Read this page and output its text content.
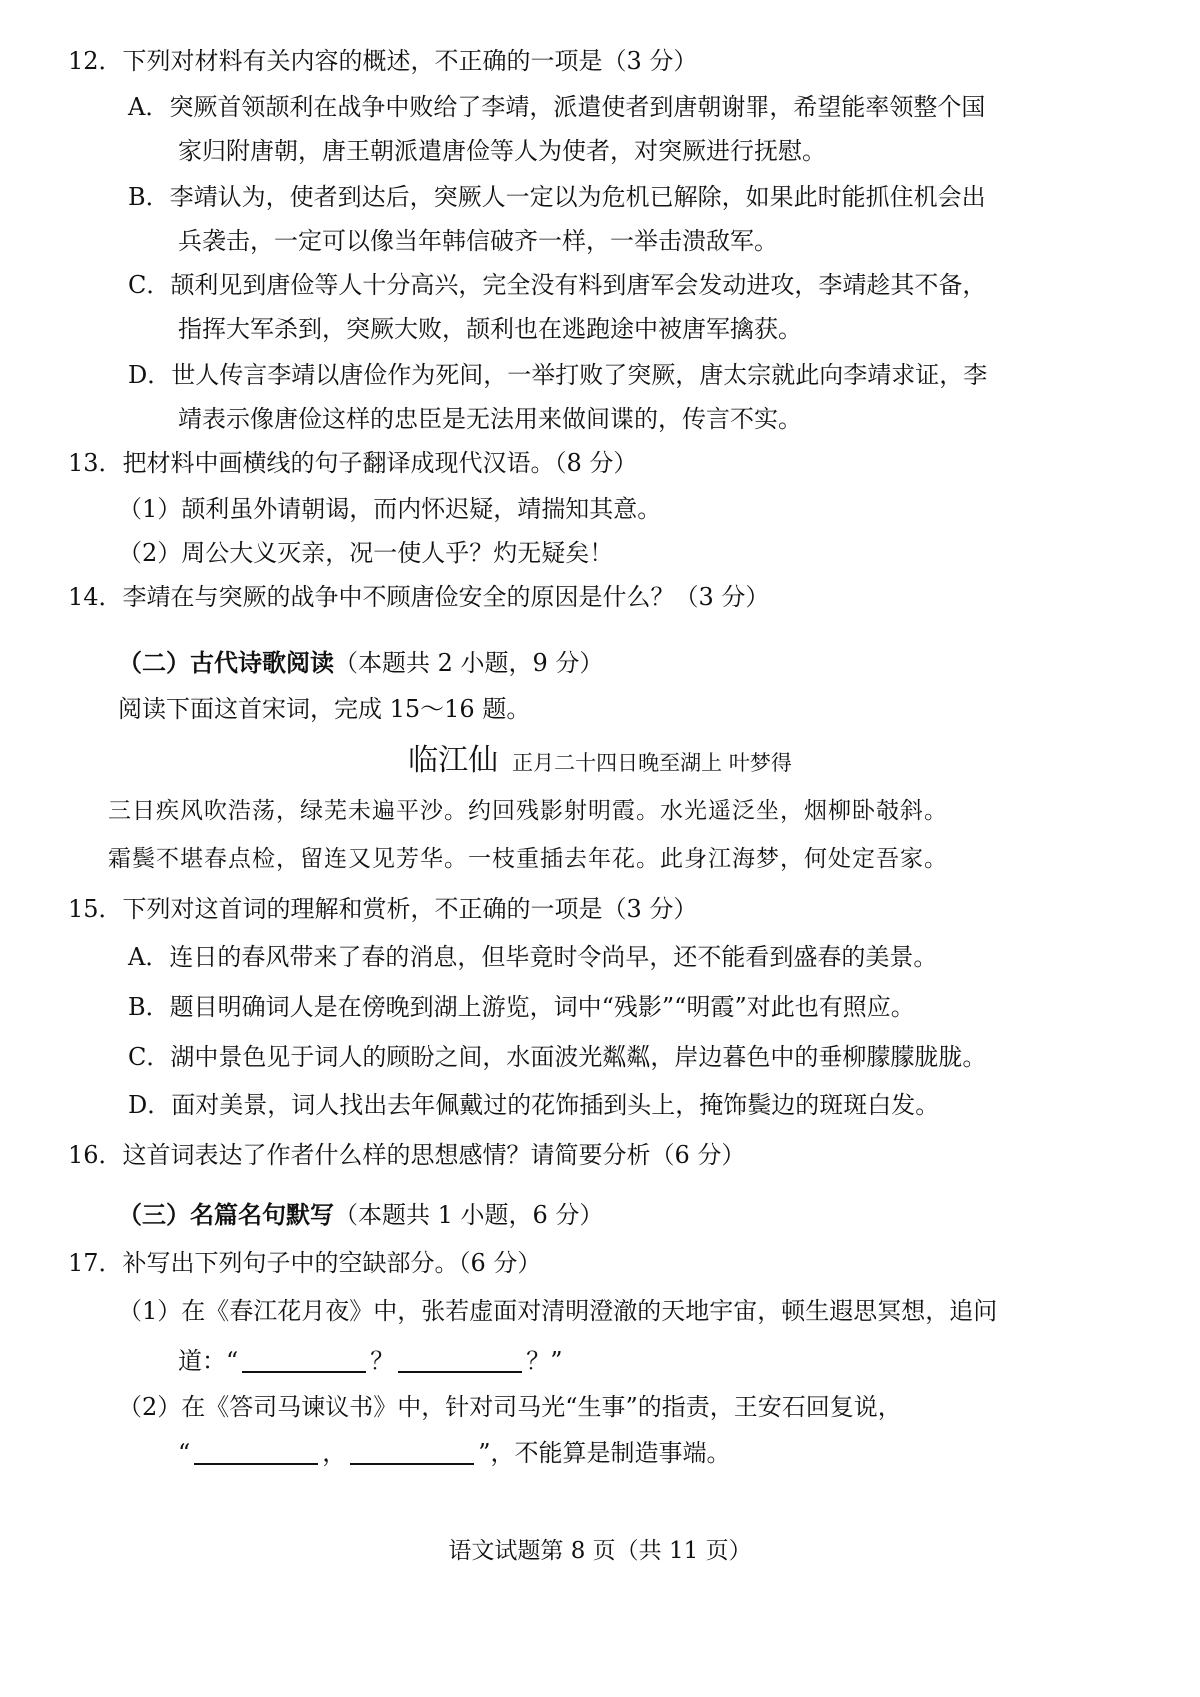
12．下列对材料有关内容的概述，不正确的一项是（3 分）
A．突厥首领颉利在战争中败给了李靖，派遣使者到唐朝谢罪，希望能率领整个国
家归附唐朝，唐王朝派遣唐俭等人为使者，对突厥进行抚慰。
B．李靖认为，使者到达后，突厥人一定以为危机已解除，如果此时能抓住机会出
兵袭击，一定可以像当年韩信破齐一样，一举击溃敌军。
C．颉利见到唐俭等人十分高兴，完全没有料到唐军会发动进攻，李靖趁其不备，
指挥大军杀到，突厥大败，颉利也在逃跑途中被唐军擒获。
D．世人传言李靖以唐俭作为死间，一举打败了突厥，唐太宗就此向李靖求证，李
靖表示像唐俭这样的忠臣是无法用来做间谍的，传言不实。
13．把材料中画横线的句子翻译成现代汉语。（8 分）
（1）颉利虽外请朝谒，而内怀迟疑，靖揣知其意。
（2）周公大义灭亲，况一使人乎？灼无疑矣！
14．李靖在与突厥的战争中不顾唐俭安全的原因是什么？（3 分）
（二）古代诗歌阅读（本题共 2 小题，9 分）
阅读下面这首宋词，完成 15～16 题。
临江仙 正月二十四日晚至湖上 叶梦得
三日疾风吹浩荡，绿芜未遍平沙。约回残影射明霞。水光遥泛坐，烟柳卧攲斜。
霜鬓不堪春点检，留连又见芳华。一枝重插去年花。此身江海梦，何处定吾家。
15．下列对这首词的理解和赏析，不正确的一项是（3 分）
A．连日的春风带来了春的消息，但毕竟时令尚早，还不能看到盛春的美景。
B．题目明确词人是在傍晚到湖上游览，词中“残影”“明霞”对此也有照应。
C．湖中景色见于词人的顾盼之间，水面波光粼粼，岸边暮色中的垂柳朦朦胧胧。
D．面对美景，词人找出去年佩戴过的花饰插到头上，掩饰鬓边的斑斑白发。
16．这首词表达了作者什么样的思想感情？请简要分析（6 分）
（三）名篇名句默写（本题共 1 小题，6 分）
17．补写出下列句子中的空缺部分。（6 分）
（1）在《春江花月夜》中，张若虚面对清明澄澈的天地宇宙，顿生遐思冥想，追问
道：“	？	？”
（2）在《答司马谏议书》中，针对司马光“生事”的指责，王安石回复说，
“	，	”，不能算是制造事端。
语文试题第 8 页（共 11 页）
